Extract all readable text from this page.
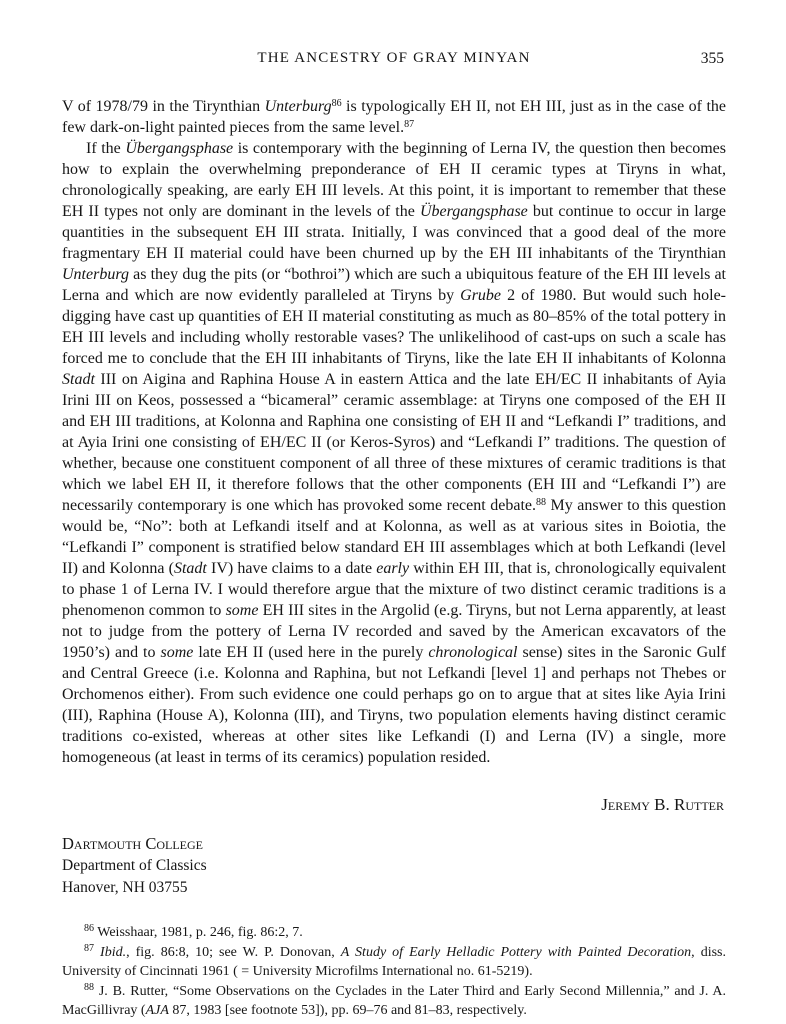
THE ANCESTRY OF GRAY MINYAN	355

V of 1978/79 in the Tirynthian Unterburg$^{86}$ is typologically EH II, not EH III, just as in the case of the few dark-on-light painted pieces from the same level.$^{87}$

If the Übergangsphase is contemporary with the beginning of Lerna IV, the question then becomes how to explain the overwhelming preponderance of EH II ceramic types at Tiryns in what, chronologically speaking, are early EH III levels. At this point, it is important to remember that these EH II types not only are dominant in the levels of the Übergangsphase but continue to occur in large quantities in the subsequent EH III strata. Initially, I was convinced that a good deal of the more fragmentary EH II material could have been churned up by the EH III inhabitants of the Tirynthian Unterburg as they dug the pits (or “bothroi”) which are such a ubiquitous feature of the EH III levels at Lerna and which are now evidently paralleled at Tiryns by Grube 2 of 1980. But would such hole-digging have cast up quantities of EH II material constituting as much as 80–85% of the total pottery in EH III levels and including wholly restorable vases? The unlikelihood of cast-ups on such a scale has forced me to conclude that the EH III inhabitants of Tiryns, like the late EH II inhabitants of Kolonna Stadt III on Aigina and Raphina House A in eastern Attica and the late EH/EC II inhabitants of Ayia Irini III on Keos, possessed a “bicameral” ceramic assemblage: at Tiryns one composed of the EH II and EH III traditions, at Kolonna and Raphina one consisting of EH II and “Lefkandi I” traditions, and at Ayia Irini one consisting of EH/EC II (or Keros-Syros) and “Lefkandi I” traditions. The question of whether, because one constituent component of all three of these mixtures of ceramic traditions is that which we label EH II, it therefore follows that the other components (EH III and “Lefkandi I”) are necessarily contemporary is one which has provoked some recent debate.$^{88}$ My answer to this question would be, “No”: both at Lefkandi itself and at Kolonna, as well as at various sites in Boiotia, the “Lefkandi I” component is stratified below standard EH III assemblages which at both Lefkandi (level II) and Kolonna (Stadt IV) have claims to a date early within EH III, that is, chronologically equivalent to phase 1 of Lerna IV. I would therefore argue that the mixture of two distinct ceramic traditions is a phenomenon common to some EH III sites in the Argolid (e.g. Tiryns, but not Lerna apparently, at least not to judge from the pottery of Lerna IV recorded and saved by the American excavators of the 1950’s) and to some late EH II (used here in the purely chronological sense) sites in the Saronic Gulf and Central Greece (i.e. Kolonna and Raphina, but not Lefkandi [level 1] and perhaps not Thebes or Orchomenos either). From such evidence one could perhaps go on to argue that at sites like Ayia Irini (III), Raphina (House A), Kolonna (III), and Tiryns, two population elements having distinct ceramic traditions co-existed, whereas at other sites like Lefkandi (I) and Lerna (IV) a single, more homogeneous (at least in terms of its ceramics) population resided.

Jeremy B. Rutter
Dartmouth College
Department of Classics
Hanover, NH 03755

$^{86}$ Weisshaar, 1981, p. 246, fig. 86:2, 7.

$^{87}$ Ibid., fig. 86:8, 10; see W. P. Donovan, A Study of Early Helladic Pottery with Painted Decoration, diss. University of Cincinnati 1961 ( = University Microfilms International no. 61-5219).

$^{88}$ J. B. Rutter, “Some Observations on the Cyclades in the Later Third and Early Second Millennia,” and J. A. MacGillivray (AJA 87, 1983 [see footnote 53]), pp. 69–76 and 81–83, respectively.
